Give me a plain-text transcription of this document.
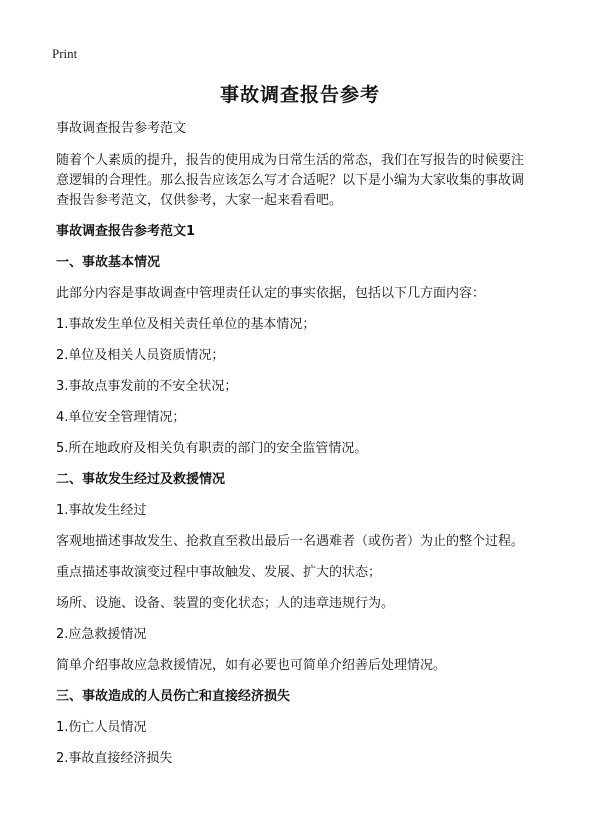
Print
事故调查报告参考
事故调查报告参考范文
随着个人素质的提升，报告的使用成为日常生活的常态，我们在写报告的时候要注
意逻辑的合理性。那么报告应该怎么写才合适呢？以下是小编为大家收集的事故调
查报告参考范文，仅供参考，大家一起来看看吧。
事故调查报告参考范文1
一、事故基本情况
此部分内容是事故调查中管理责任认定的事实依据，包括以下几方面内容：
1.事故发生单位及相关责任单位的基本情况；
2.单位及相关人员资质情况；
3.事故点事发前的不安全状况；
4.单位安全管理情况；
5.所在地政府及相关负有职责的部门的安全监管情况。
二、事故发生经过及救援情况
1.事故发生经过
客观地描述事故发生、抢救直至救出最后一名遇难者（或伤者）为止的整个过程。
重点描述事故演变过程中事故触发、发展、扩大的状态；
场所、设施、设备、装置的变化状态；人的违章违规行为。
2.应急救援情况
简单介绍事故应急救援情况，如有必要也可简单介绍善后处理情况。
三、事故造成的人员伤亡和直接经济损失
1.伤亡人员情况
2.事故直接经济损失
